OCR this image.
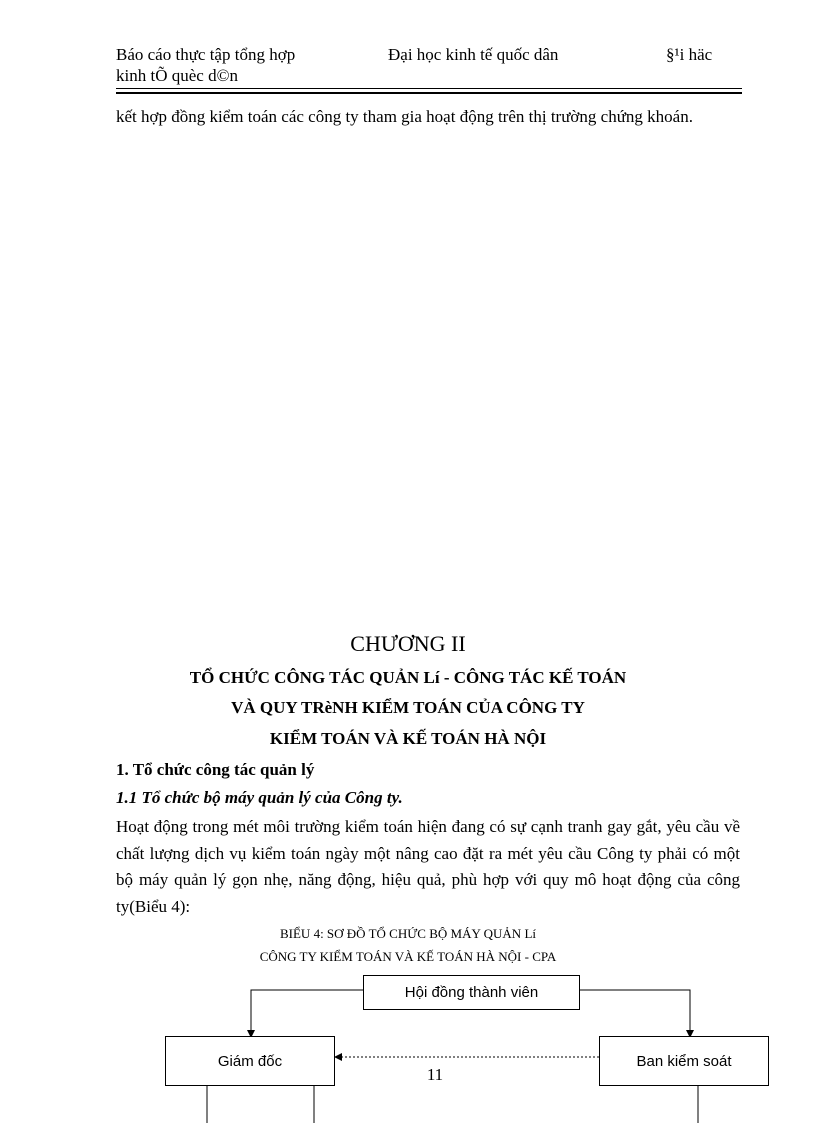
Báo cáo thực tập tổng hợp
kinh tÕ quèc d©n
Đại học kinh tế quốc dân	§¹i häc
kết hợp đồng kiểm toán các công ty tham gia hoạt động trên thị trường chứng khoán.
CHƯƠNG II
TỔ CHỨC CÔNG TÁC QUẢN Lí - CÔNG TÁC KẾ TOÁN
VÀ QUY TRèNH KIỂM TOÁN CỦA CÔNG TY
KIỂM TOÁN VÀ KẾ TOÁN HÀ NỘI
1. Tổ chức công tác quản lý
1.1 Tổ chức bộ máy quản lý của Công ty.
Hoạt động trong mét môi trường kiểm toán hiện đang có sự cạnh tranh gay gắt, yêu cầu về chất lượng dịch vụ kiểm toán ngày một nâng cao đặt ra mét yêu cầu Công ty phải có một bộ máy quản lý gọn nhẹ, năng động, hiệu quả, phù hợp với quy mô hoạt động của công ty(Biểu 4):
BIỂU 4: SƠ ĐỒ TỔ CHỨC BỘ MÁY QUẢN Lí
CÔNG TY KIỂM TOÁN VÀ KẾ TOÁN HÀ NỘI - CPA
Hội đồng thành viên
Giám đốc	Ban kiểm soát
11
